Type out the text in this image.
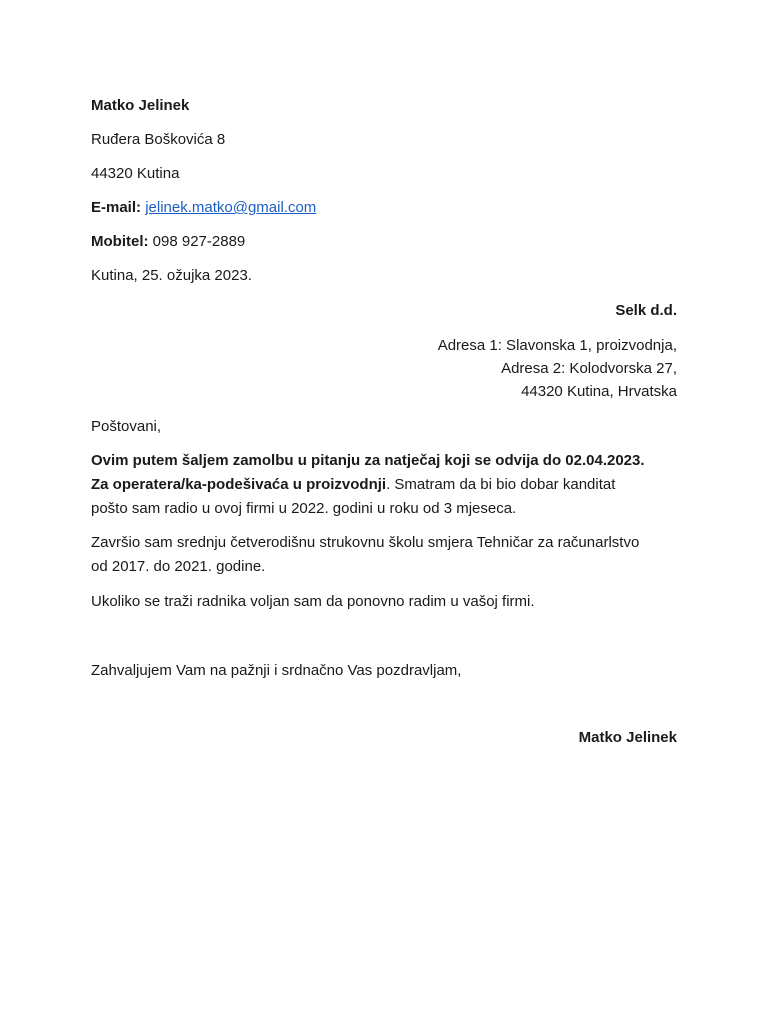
Matko Jelinek
Ruđera Boškovića 8
44320 Kutina
E-mail: jelinek.matko@gmail.com
Mobitel: 098 927-2889
Kutina, 25. ožujka 2023.
Selk d.d.
Adresa 1: Slavonska 1, proizvodnja,
Adresa 2: Kolodvorska 27,
44320 Kutina, Hrvatska
Poštovani,
Ovim putem šaljem zamolbu u pitanju za natječaj koji se odvija do 02.04.2023.
Za operatera/ka-podešivaća u proizvodnji. Smatram da bi bio dobar kanditat
pošto sam radio u ovoj firmi u 2022. godini u roku od 3 mjeseca.
Završio sam srednju četverodišnu strukovnu školu smjera Tehničar za računarlstvo
od 2017. do 2021. godine.
Ukoliko se traži radnika voljan sam da ponovno radim u vašoj firmi.
Zahvaljujem Vam na pažnji i srdnačno Vas pozdravljam,
Matko Jelinek
